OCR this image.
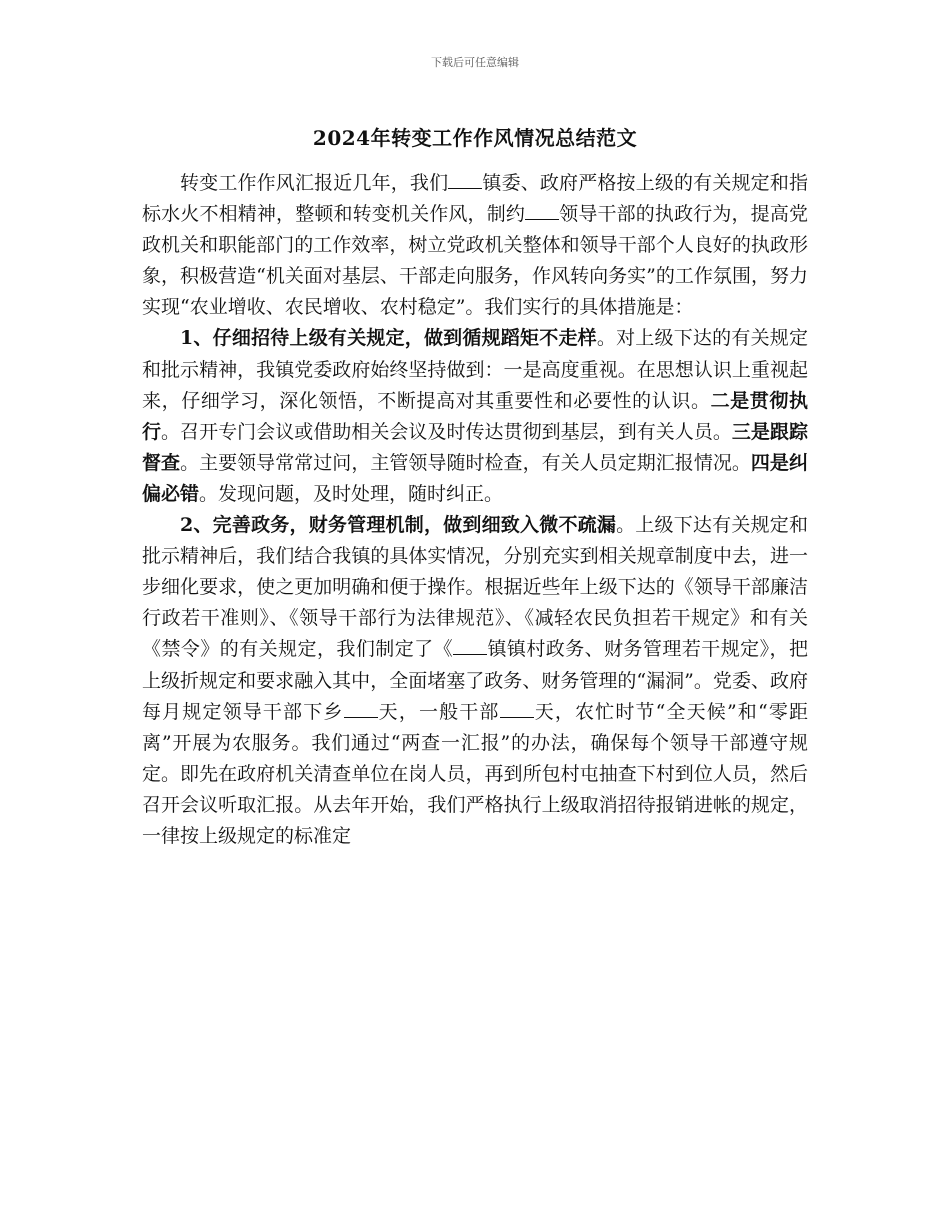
下载后可任意编辑
2024年转变工作作风情况总结范文

转变工作作风汇报近几年，我们 镇委、政府严格按上级的有关规定和指标水火不相精神，整顿和转变机关作风，制约 领导干部的执政行为，提高党政机关和职能部门的工作效率，树立党政机关整体和领导干部个人良好的执政形象，积极营造“机关面对基层、干部走向服务，作风转向务实”的工作氛围，努力实现“农业增收、农民增收、农村稳定”。我们实行的具体措施是：

1、仔细招待上级有关规定，做到循规蹈矩不走样。对上级下达的有关规定和批示精神，我镇党委政府始终坚持做到：一是高度重视。在思想认识上重视起来，仔细学习，深化领悟，不断提高对其重要性和必要性的认识。二是贯彻执行。召开专门会议或借助相关会议及时传达贯彻到基层，到有关人员。三是跟踪督查。主要领导常常过问，主管领导随时检查，有关人员定期汇报情况。四是纠偏必错。发现问题，及时处理，随时纠正。

2、完善政务，财务管理机制，做到细致入微不疏漏。上级下达有关规定和批示精神后，我们结合我镇的具体实情况，分别充实到相关规章制度中去，进一步细化要求，使之更加明确和便于操作。根据近些年上级下达的《领导干部廉洁行政若干准则》、《领导干部行为法律规范》、《减轻农民负担若干规定》和有关《禁令》的有关规定，我们制定了《 镇镇村政务、财务管理若干规定》，把上级折规定和要求融入其中，全面堵塞了政务、财务管理的“漏洞”。党委、政府每月规定领导干部下乡 天，一般干部 天，农忙时节“全天候”和“零距离”开展为农服务。我们通过“两查一汇报”的办法，确保每个领导干部遵守规定。即先在政府机关清查单位在岗人员，再到所包村屯抽查下村到位人员，然后召开会议听取汇报。从去年开始，我们严格执行上级取消招待报销进帐的规定，一律按上级规定的标准定
